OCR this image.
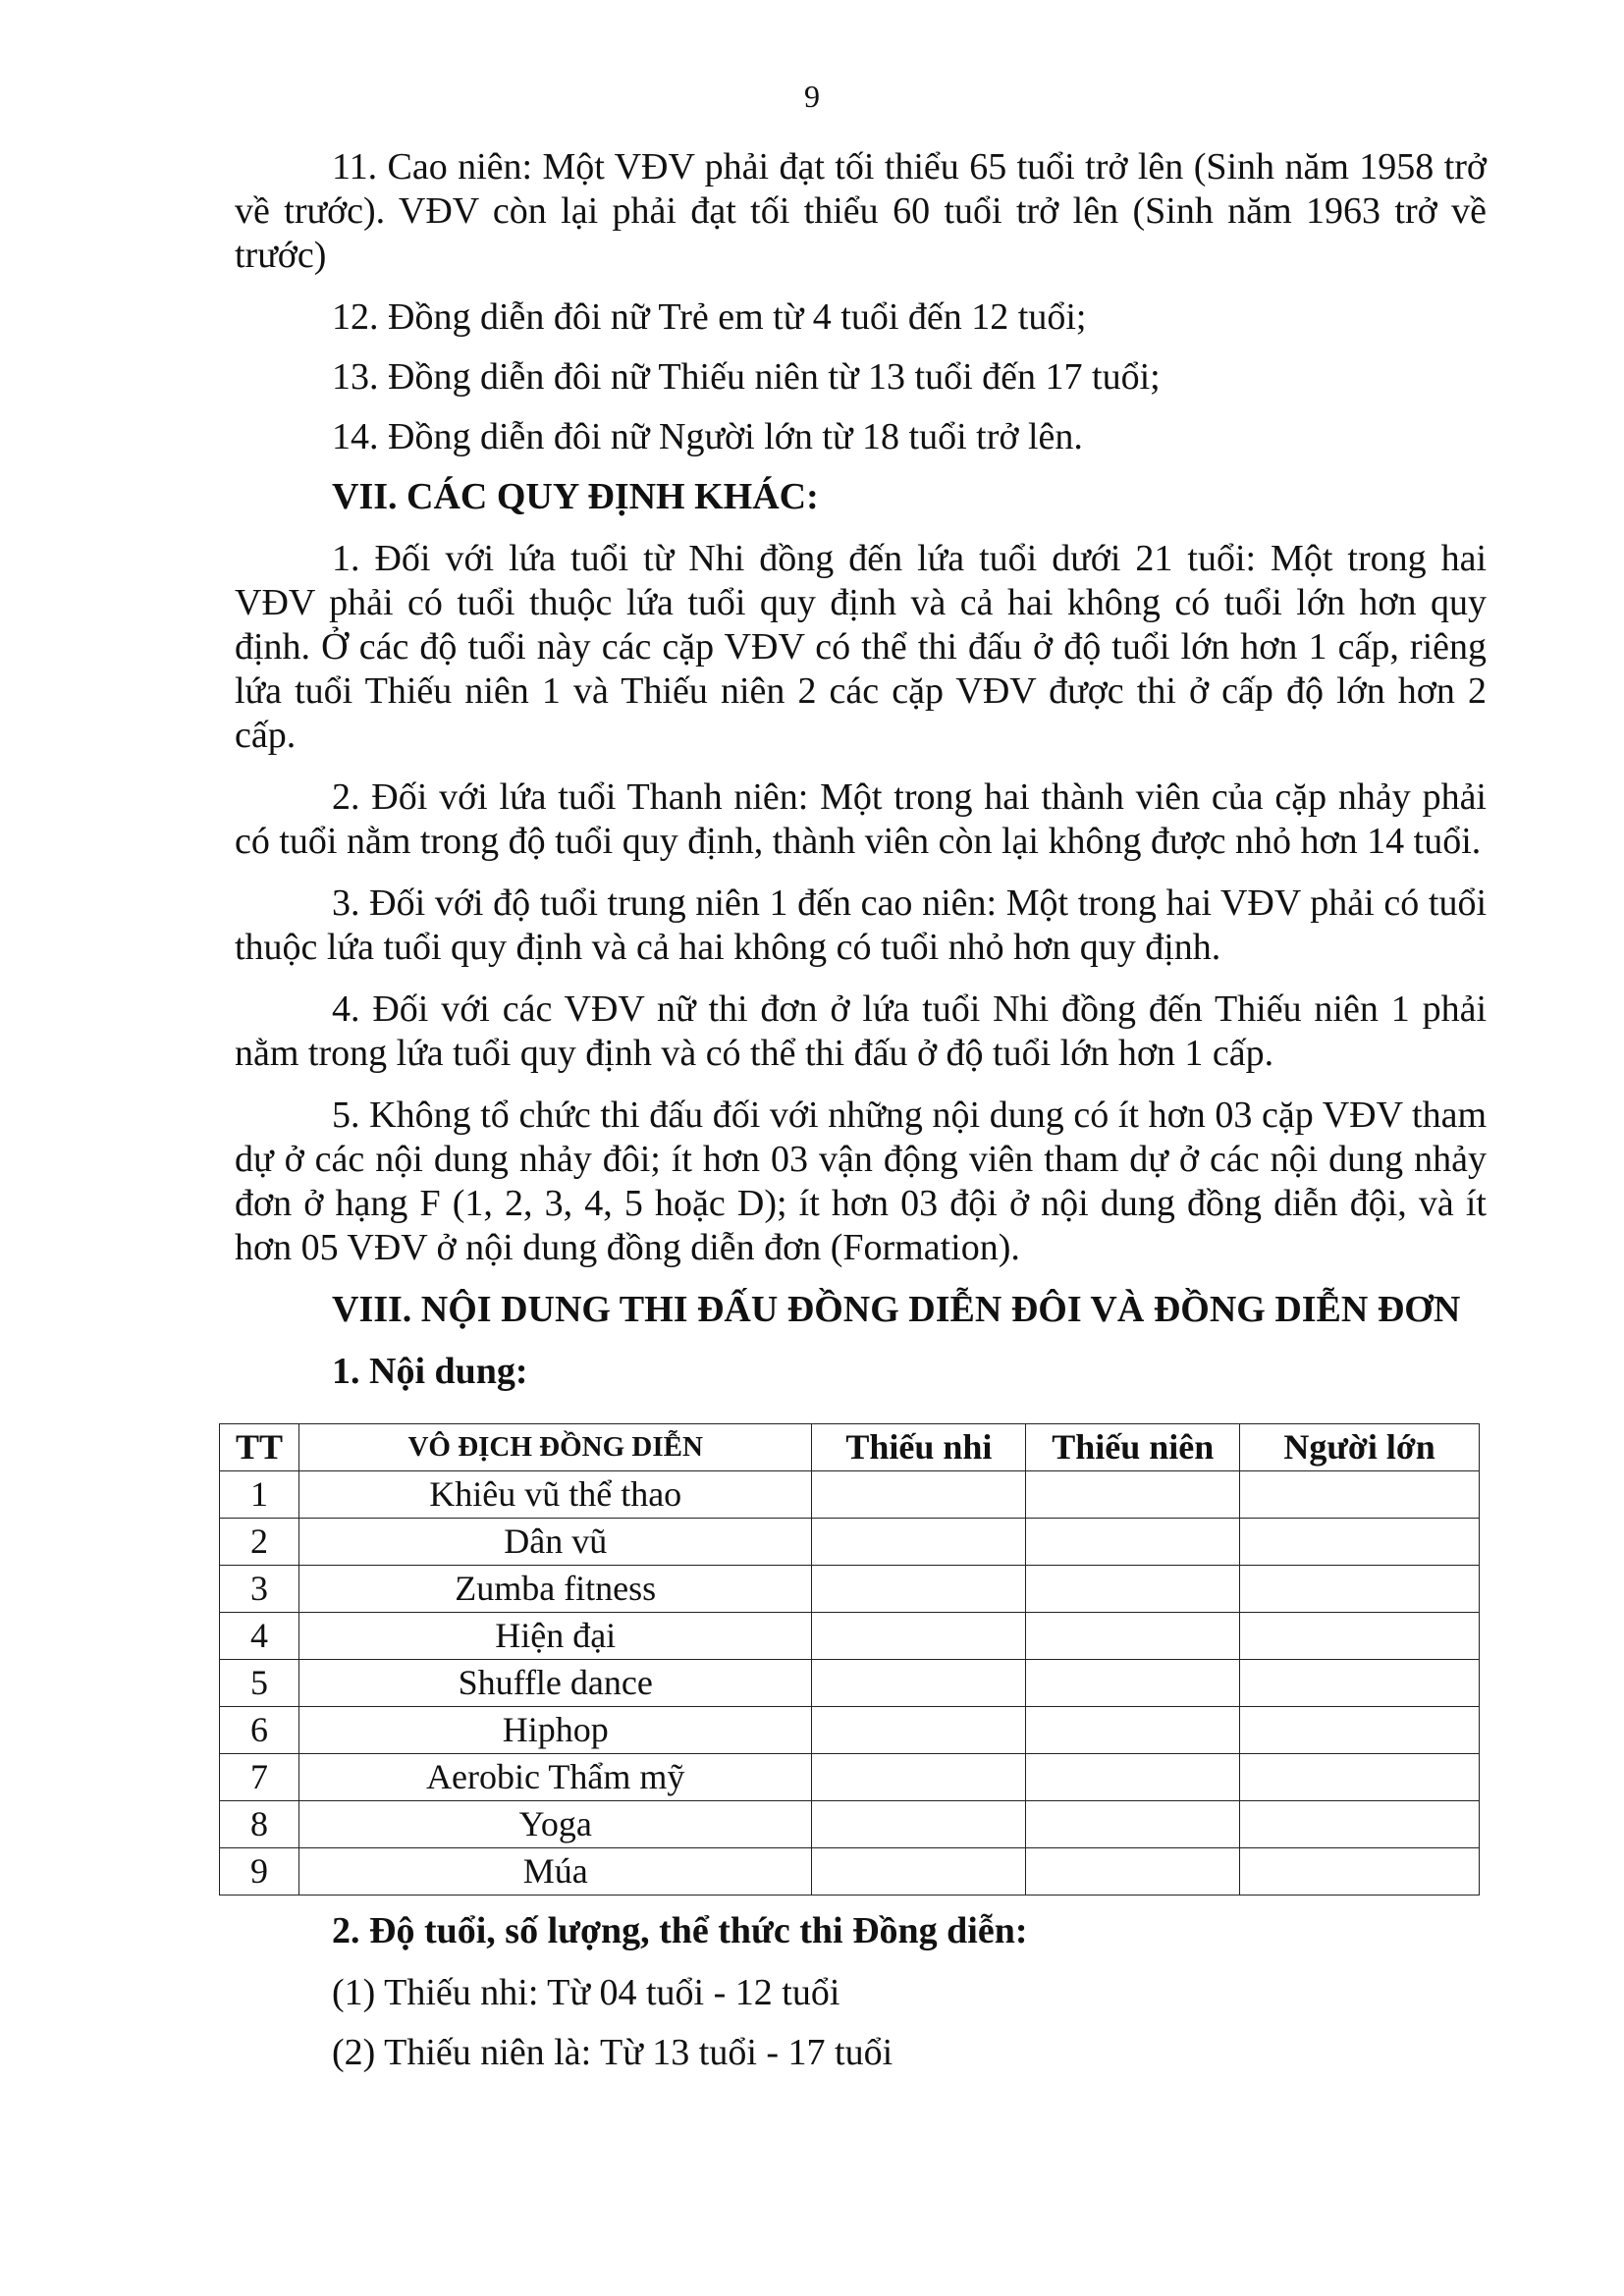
9

11. Cao niên: Một VĐV phải đạt tối thiểu 65 tuổi trở lên (Sinh năm 1958 trở về trước). VĐV còn lại phải đạt tối thiểu 60 tuổi trở lên (Sinh năm 1963 trở về trước)

12. Đồng diễn đôi nữ Trẻ em từ 4 tuổi đến 12 tuổi;

13. Đồng diễn đôi nữ Thiếu niên từ 13 tuổi đến 17 tuổi;

14. Đồng diễn đôi nữ Người lớn từ 18 tuổi trở lên.

VII. CÁC QUY ĐỊNH KHÁC:

1. Đối với lứa tuổi từ Nhi đồng đến lứa tuổi dưới 21 tuổi: Một trong hai VĐV phải có tuổi thuộc lứa tuổi quy định và cả hai không có tuổi lớn hơn quy định. Ở các độ tuổi này các cặp VĐV có thể thi đấu ở độ tuổi lớn hơn 1 cấp, riêng lứa tuổi Thiếu niên 1 và Thiếu niên 2 các cặp VĐV được thi ở cấp độ lớn hơn 2 cấp.

2. Đối với lứa tuổi Thanh niên: Một trong hai thành viên của cặp nhảy phải có tuổi nằm trong độ tuổi quy định, thành viên còn lại không được nhỏ hơn 14 tuổi.

3. Đối với độ tuổi trung niên 1 đến cao niên: Một trong hai VĐV phải có tuổi thuộc lứa tuổi quy định và cả hai không có tuổi nhỏ hơn quy định.

4. Đối với các VĐV nữ thi đơn ở lứa tuổi Nhi đồng đến Thiếu niên 1 phải nằm trong lứa tuổi quy định và có thể thi đấu ở độ tuổi lớn hơn 1 cấp.

5. Không tổ chức thi đấu đối với những nội dung có ít hơn 03 cặp VĐV tham dự ở các nội dung nhảy đôi; ít hơn 03 vận động viên tham dự ở các nội dung nhảy đơn ở hạng F (1, 2, 3, 4, 5 hoặc D); ít hơn 03 đội ở nội dung đồng diễn đội, và ít hơn 05 VĐV ở nội dung đồng diễn đơn (Formation).

VIII. NỘI DUNG THI ĐẤU ĐỒNG DIỄN ĐÔI VÀ ĐỒNG DIỄN ĐƠN

1. Nội dung:

TT	VÔ ĐỊCH ĐỒNG DIỄN	Thiếu nhi	Thiếu niên	Người lớn
1	Khiêu vũ thể thao			
2	Dân vũ			
3	Zumba fitness			
4	Hiện đại			
5	Shuffle dance			
6	Hiphop			
7	Aerobic Thẩm mỹ			
8	Yoga			
9	Múa			

2. Độ tuổi, số lượng, thể thức thi Đồng diễn:

(1) Thiếu nhi: Từ 04 tuổi - 12 tuổi

(2) Thiếu niên là: Từ 13 tuổi - 17 tuổi
